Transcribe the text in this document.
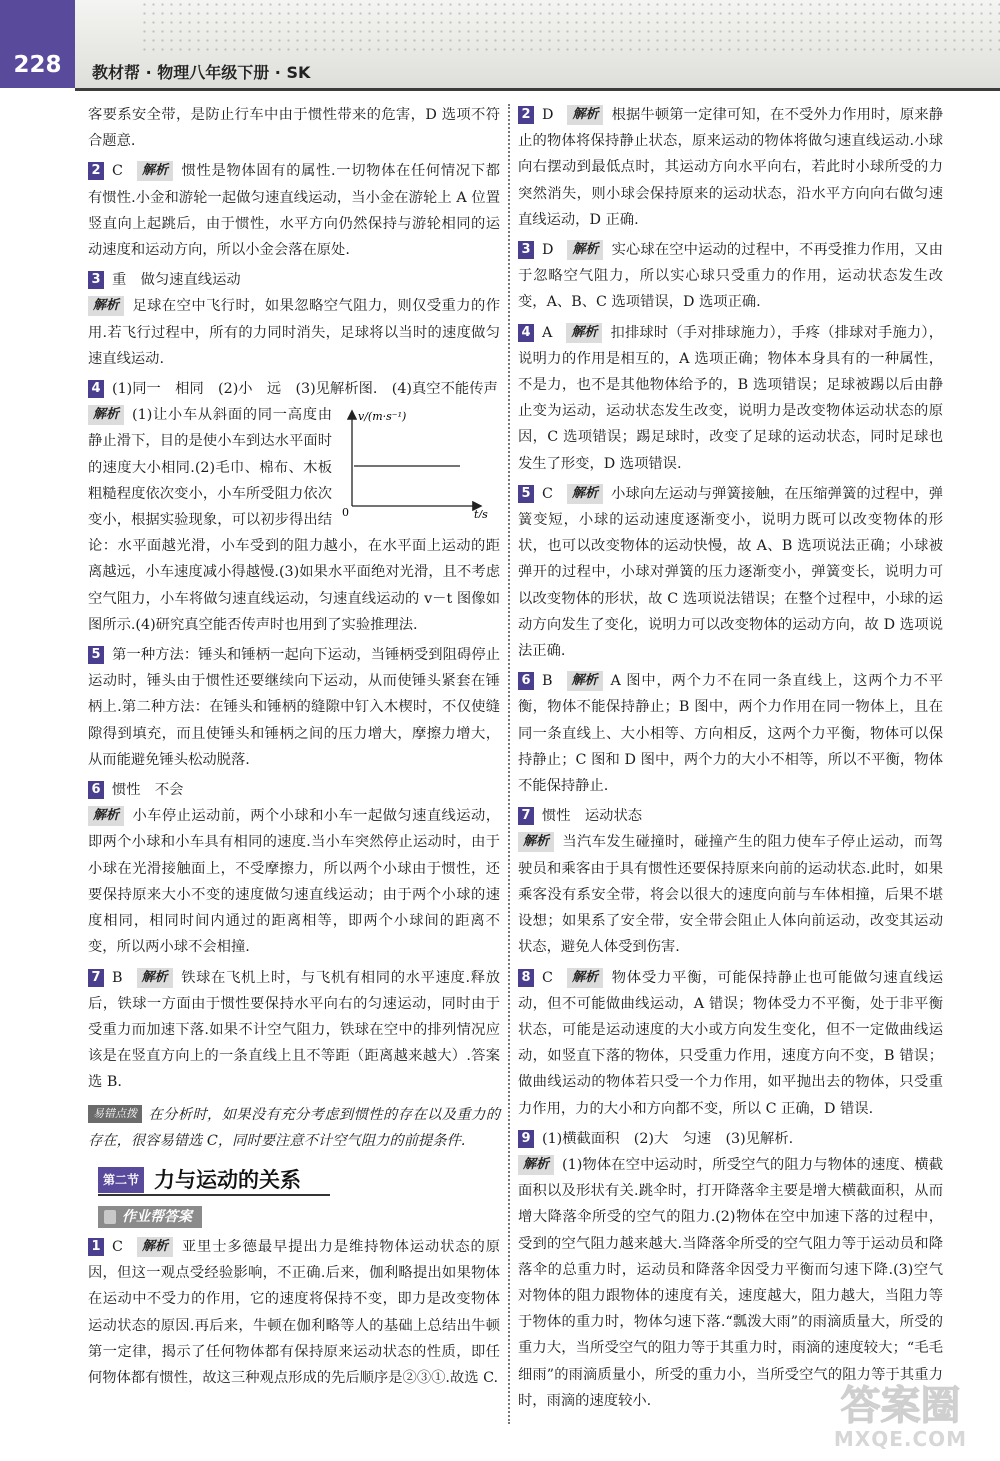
228	教材帮 · 物理八年级下册 · SK

客要系安全带，是防止行车中由于惯性带来的危害，D 选项不符合题意.

2 C 解析 惯性是物体固有的属性.一切物体在任何情况下都有惯性.小金和游轮一起做匀速直线运动，当小金在游轮上 A 位置竖直向上起跳后，由于惯性，水平方向仍然保持与游轮相同的运动速度和运动方向，所以小金会落在原处.

3 重　做匀速直线运动
解析 足球在空中飞行时，如果忽略空气阻力，则仅受重力的作用.若飞行过程中，所有的力同时消失，足球将以当时的速度做匀速直线运动.

4 (1)同一　相同　(2)小　远　(3)见解析图.　(4)真空不能传声

v/(m·s⁻¹)
t/s
0
解析 (1)让小车从斜面的同一高度由静止滑下，目的是使小车到达水平面时的速度大小相同.(2)毛巾、棉布、木板粗糙程度依次变小，小车所受阻力依次变小，根据实验现象，可以初步得出结论：水平面越光滑，小车受到的阻力越小，在水平面上运动的距离越远，小车速度减小得越慢.(3)如果水平面绝对光滑，且不考虑空气阻力，小车将做匀速直线运动，匀速直线运动的 v－t 图像如图所示.(4)研究真空能否传声时也用到了实验推理法.

5 第一种方法：锤头和锤柄一起向下运动，当锤柄受到阻碍停止运动时，锤头由于惯性还要继续向下运动，从而使锤头紧套在锤柄上.第二种方法：在锤头和锤柄的缝隙中钉入木楔时，不仅使缝隙得到填充，而且使锤头和锤柄之间的压力增大，摩擦力增大，从而能避免锤头松动脱落.

6 惯性　不会
解析 小车停止运动前，两个小球和小车一起做匀速直线运动，即两个小球和小车具有相同的速度.当小车突然停止运动时，由于小球在光滑接触面上，不受摩擦力，所以两个小球由于惯性，还要保持原来大小不变的速度做匀速直线运动；由于两个小球的速度相同，相同时间内通过的距离相等，即两个小球间的距离不变，所以两小球不会相撞.

7 B 解析 铁球在飞机上时，与飞机有相同的水平速度.释放后，铁球一方面由于惯性要保持水平向右的匀速运动，同时由于受重力而加速下落.如果不计空气阻力，铁球在空中的排列情况应该是在竖直方向上的一条直线上且不等距（距离越来越大）.答案选 B.

易错点拨 在分析时，如果没有充分考虑到惯性的存在以及重力的存在，很容易错选 C，同时要注意不计空气阻力的前提条件.

第二节 力与运动的关系
作业帮答案

1 C 解析 亚里士多德最早提出力是维持物体运动状态的原因，但这一观点受经验影响，不正确.后来，伽利略提出如果物体在运动中不受力的作用，它的速度将保持不变，即力是改变物体运动状态的原因.再后来，牛顿在伽利略等人的基础上总结出牛顿第一定律，揭示了任何物体都有保持原来运动状态的性质，即任何物体都有惯性，故这三种观点形成的先后顺序是②③①.故选 C.

2 D 解析 根据牛顿第一定律可知，在不受外力作用时，原来静止的物体将保持静止状态，原来运动的物体将做匀速直线运动.小球向右摆动到最低点时，其运动方向水平向右，若此时小球所受的力突然消失，则小球会保持原来的运动状态，沿水平方向向右做匀速直线运动，D 正确.

3 D 解析 实心球在空中运动的过程中，不再受推力作用，又由于忽略空气阻力，所以实心球只受重力的作用，运动状态发生改变，A、B、C 选项错误，D 选项正确.

4 A 解析 扣排球时（手对排球施力），手疼（排球对手施力），说明力的作用是相互的，A 选项正确；物体本身具有的一种属性，不是力，也不是其他物体给予的，B 选项错误；足球被踢以后由静止变为运动，运动状态发生改变，说明力是改变物体运动状态的原因，C 选项错误；踢足球时，改变了足球的运动状态，同时足球也发生了形变，D 选项错误.

5 C 解析 小球向左运动与弹簧接触，在压缩弹簧的过程中，弹簧变短，小球的运动速度逐渐变小，说明力既可以改变物体的形状，也可以改变物体的运动快慢，故 A、B 选项说法正确；小球被弹开的过程中，小球对弹簧的压力逐渐变小，弹簧变长，说明力可以改变物体的形状，故 C 选项说法错误；在整个过程中，小球的运动方向发生了变化，说明力可以改变物体的运动方向，故 D 选项说法正确.

6 B 解析 A 图中，两个力不在同一条直线上，这两个力不平衡，物体不能保持静止；B 图中，两个力作用在同一物体上，且在同一条直线上、大小相等、方向相反，这两个力平衡，物体可以保持静止；C 图和 D 图中，两个力的大小不相等，所以不平衡，物体不能保持静止.

7 惯性　运动状态
解析 当汽车发生碰撞时，碰撞产生的阻力使车子停止运动，而驾驶员和乘客由于具有惯性还要保持原来向前的运动状态.此时，如果乘客没有系安全带，将会以很大的速度向前与车体相撞，后果不堪设想；如果系了安全带，安全带会阻止人体向前运动，改变其运动状态，避免人体受到伤害.

8 C 解析 物体受力平衡，可能保持静止也可能做匀速直线运动，但不可能做曲线运动，A 错误；物体受力不平衡，处于非平衡状态，可能是运动速度的大小或方向发生变化，但不一定做曲线运动，如竖直下落的物体，只受重力作用，速度方向不变，B 错误；做曲线运动的物体若只受一个力作用，如平抛出去的物体，只受重力作用，力的大小和方向都不变，所以 C 正确，D 错误.

9 (1)横截面积　(2)大　匀速　(3)见解析.
解析 (1)物体在空中运动时，所受空气的阻力与物体的速度、横截面积以及形状有关.跳伞时，打开降落伞主要是增大横截面积，从而增大降落伞所受的空气的阻力.(2)物体在空中加速下落的过程中，受到的空气阻力越来越大.当降落伞所受的空气阻力等于运动员和降落伞的总重力时，运动员和降落伞因受力平衡而匀速下降.(3)空气对物体的阻力跟物体的速度有关，速度越大，阻力越大，当阻力等于物体的重力时，物体匀速下落.“瓢泼大雨”的雨滴质量大，所受的重力大，当所受空气的阻力等于其重力时，雨滴的速度较大；“毛毛细雨”的雨滴质量小，所受的重力小，当所受空气的阻力等于其重力时，雨滴的速度较小.	答案圈
MXQE.COM
